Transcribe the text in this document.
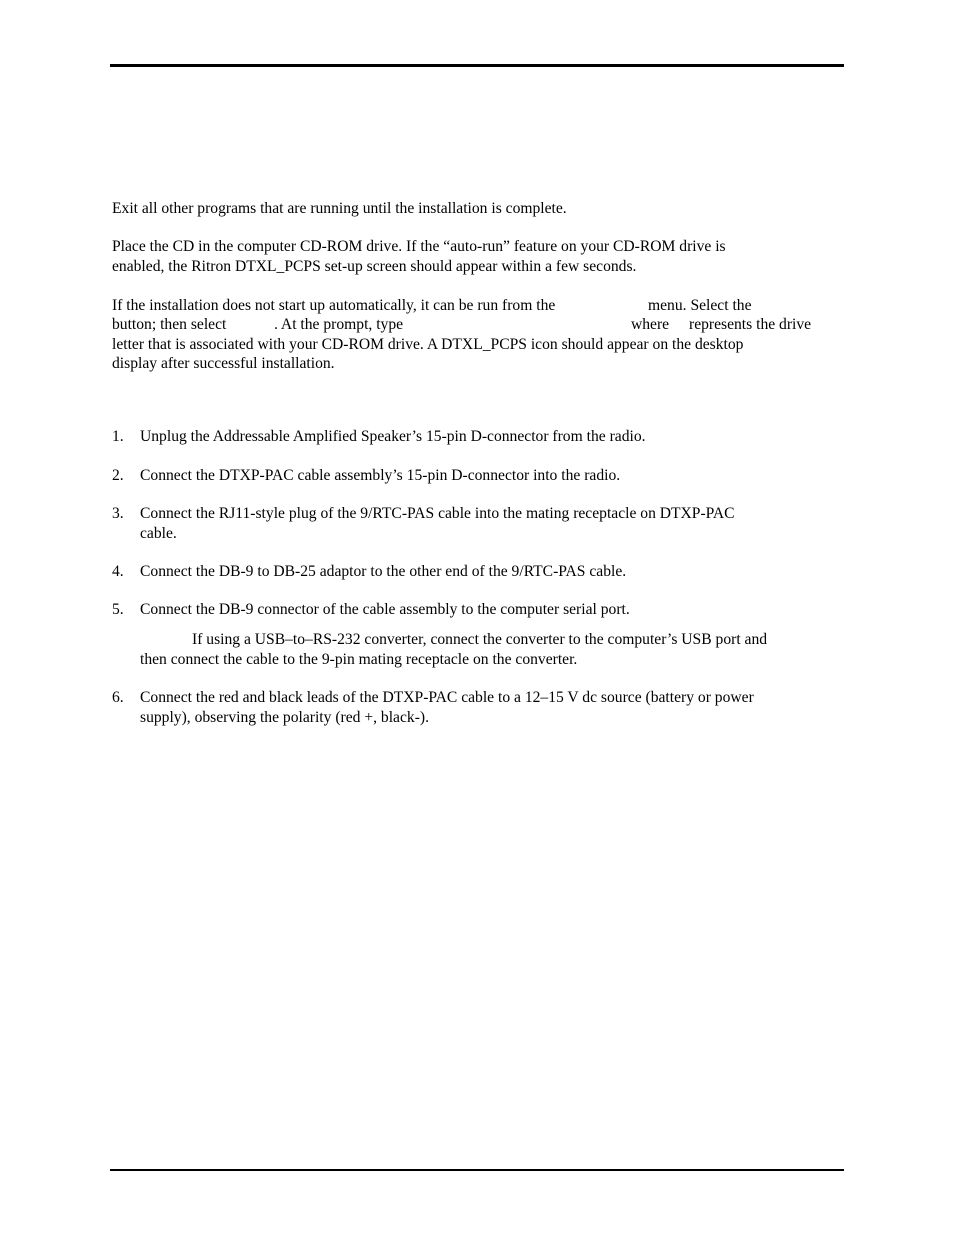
Exit all other programs that are running until the installation is complete.
Place the CD in the computer CD-ROM drive. If the “auto-run” feature on your CD-ROM drive is
enabled, the Ritron DTXL_PCPS set-up screen should appear within a few seconds.
If the installation does not start up automatically, it can be run from the	menu. Select the
button; then select	. At the prompt, type	where represents the drive
letter that is associated with your CD-ROM drive. A DTXL_PCPS icon should appear on the desktop
display after successful installation.
1. Unplug the Addressable Amplified Speaker’s 15-pin D-connector from the radio.
2. Connect the DTXP-PAC cable assembly’s 15-pin D-connector into the radio.
3. Connect the RJ11-style plug of the 9/RTC-PAS cable into the mating receptacle on DTXP-PAC
cable.
4. Connect the DB-9 to DB-25 adaptor to the other end of the 9/RTC-PAS cable.
5. Connect the DB-9 connector of the cable assembly to the computer serial port.
If using a USB–to–RS-232 converter, connect the converter to the computer’s USB port and
then connect the cable to the 9-pin mating receptacle on the converter.
6. Connect the red and black leads of the DTXP-PAC cable to a 12–15 V dc source (battery or power
supply), observing the polarity (red +, black-).
